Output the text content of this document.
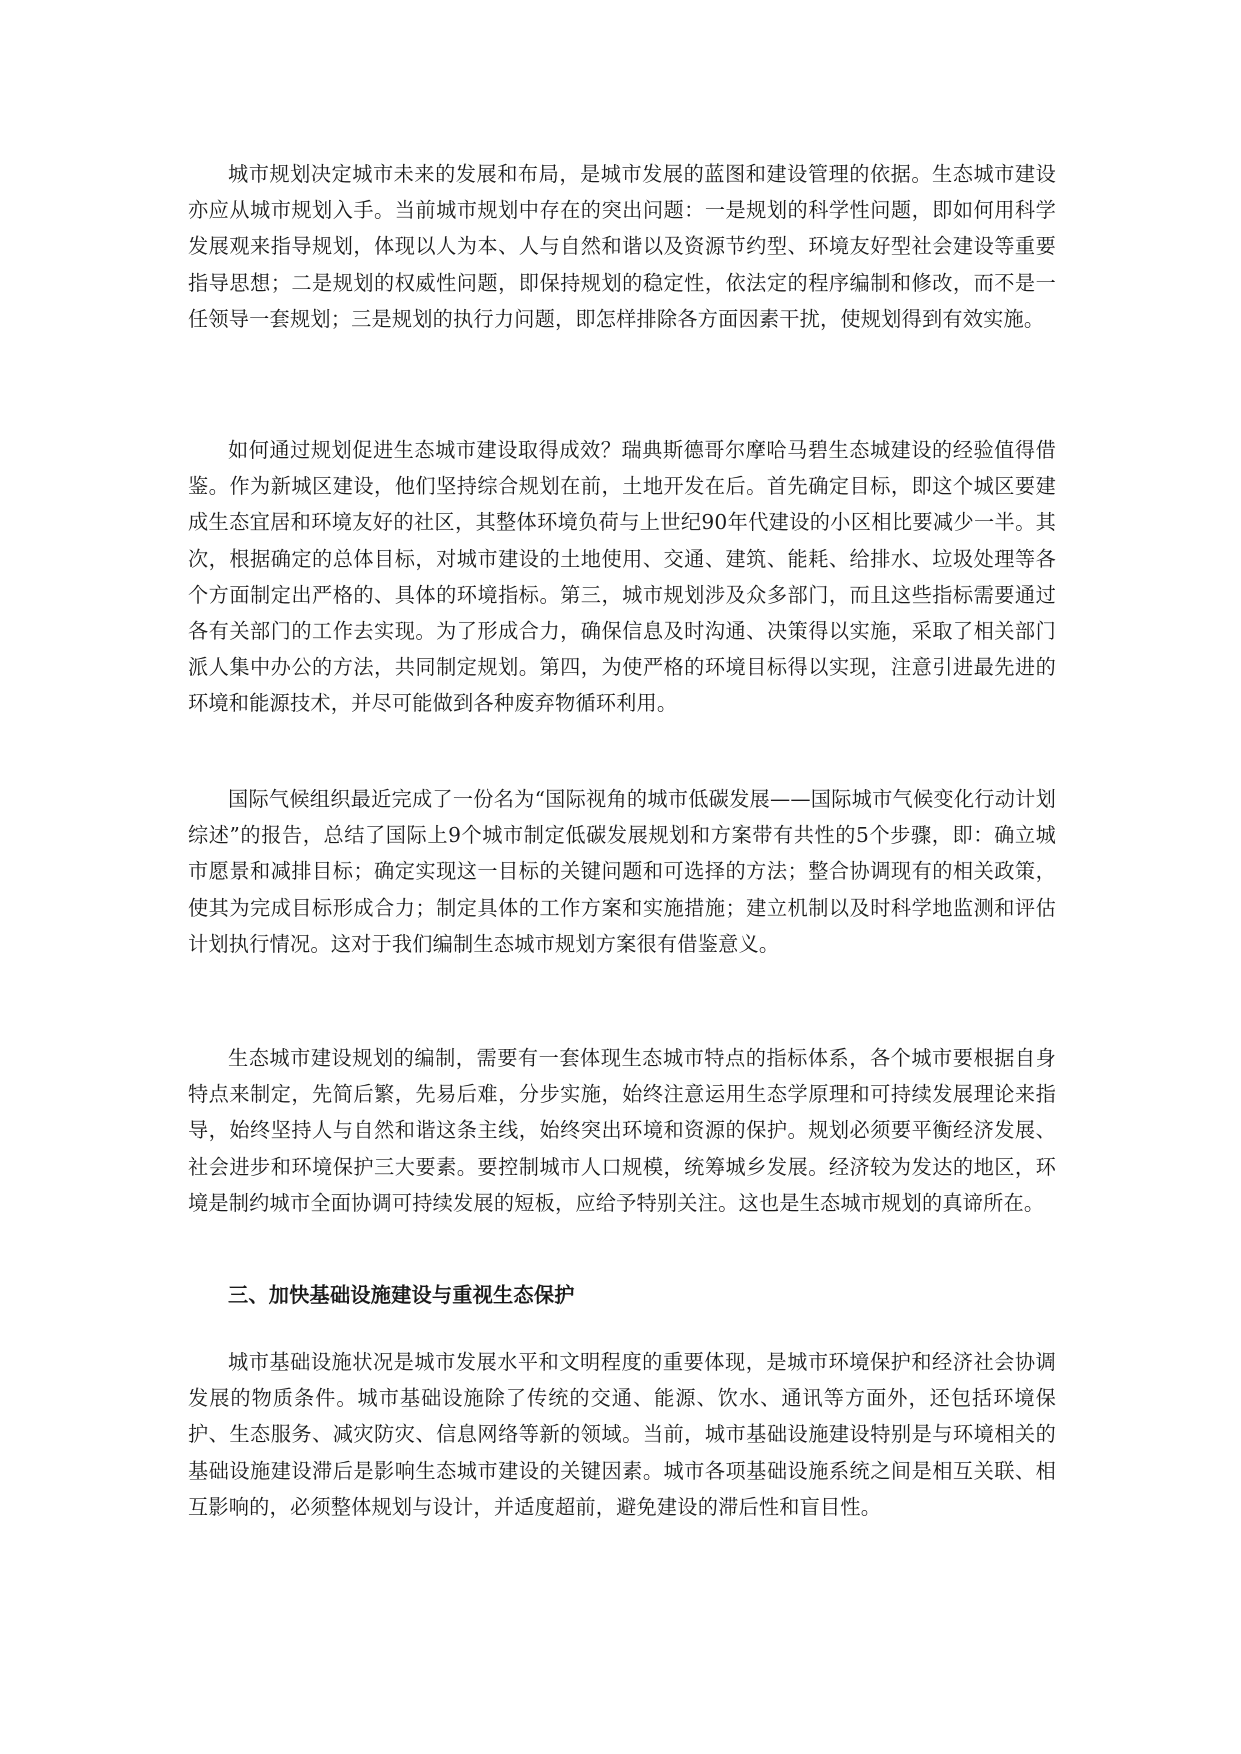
城市规划决定城市未来的发展和布局，是城市发展的蓝图和建设管理的依据。生态城市建设亦应从城市规划入手。当前城市规划中存在的突出问题：一是规划的科学性问题，即如何用科学发展观来指导规划，体现以人为本、人与自然和谐以及资源节约型、环境友好型社会建设等重要指导思想；二是规划的权威性问题，即保持规划的稳定性，依法定的程序编制和修改，而不是一任领导一套规划；三是规划的执行力问题，即怎样排除各方面因素干扰，使规划得到有效实施。

如何通过规划促进生态城市建设取得成效？瑞典斯德哥尔摩哈马碧生态城建设的经验值得借鉴。作为新城区建设，他们坚持综合规划在前，土地开发在后。首先确定目标，即这个城区要建成生态宜居和环境友好的社区，其整体环境负荷与上世纪90年代建设的小区相比要减少一半。其次，根据确定的总体目标，对城市建设的土地使用、交通、建筑、能耗、给排水、垃圾处理等各个方面制定出严格的、具体的环境指标。第三，城市规划涉及众多部门，而且这些指标需要通过各有关部门的工作去实现。为了形成合力，确保信息及时沟通、决策得以实施，采取了相关部门派人集中办公的方法，共同制定规划。第四，为使严格的环境目标得以实现，注意引进最先进的环境和能源技术，并尽可能做到各种废弃物循环利用。

国际气候组织最近完成了一份名为“国际视角的城市低碳发展——国际城市气候变化行动计划综述”的报告，总结了国际上9个城市制定低碳发展规划和方案带有共性的5个步骤，即：确立城市愿景和减排目标；确定实现这一目标的关键问题和可选择的方法；整合协调现有的相关政策，使其为完成目标形成合力；制定具体的工作方案和实施措施；建立机制以及时科学地监测和评估计划执行情况。这对于我们编制生态城市规划方案很有借鉴意义。

生态城市建设规划的编制，需要有一套体现生态城市特点的指标体系，各个城市要根据自身特点来制定，先简后繁，先易后难，分步实施，始终注意运用生态学原理和可持续发展理论来指导，始终坚持人与自然和谐这条主线，始终突出环境和资源的保护。规划必须要平衡经济发展、社会进步和环境保护三大要素。要控制城市人口规模，统筹城乡发展。经济较为发达的地区，环境是制约城市全面协调可持续发展的短板，应给予特别关注。这也是生态城市规划的真谛所在。

三、加快基础设施建设与重视生态保护

城市基础设施状况是城市发展水平和文明程度的重要体现，是城市环境保护和经济社会协调发展的物质条件。城市基础设施除了传统的交通、能源、饮水、通讯等方面外，还包括环境保护、生态服务、减灾防灾、信息网络等新的领域。当前，城市基础设施建设特别是与环境相关的基础设施建设滞后是影响生态城市建设的关键因素。城市各项基础设施系统之间是相互关联、相互影响的，必须整体规划与设计，并适度超前，避免建设的滞后性和盲目性。
